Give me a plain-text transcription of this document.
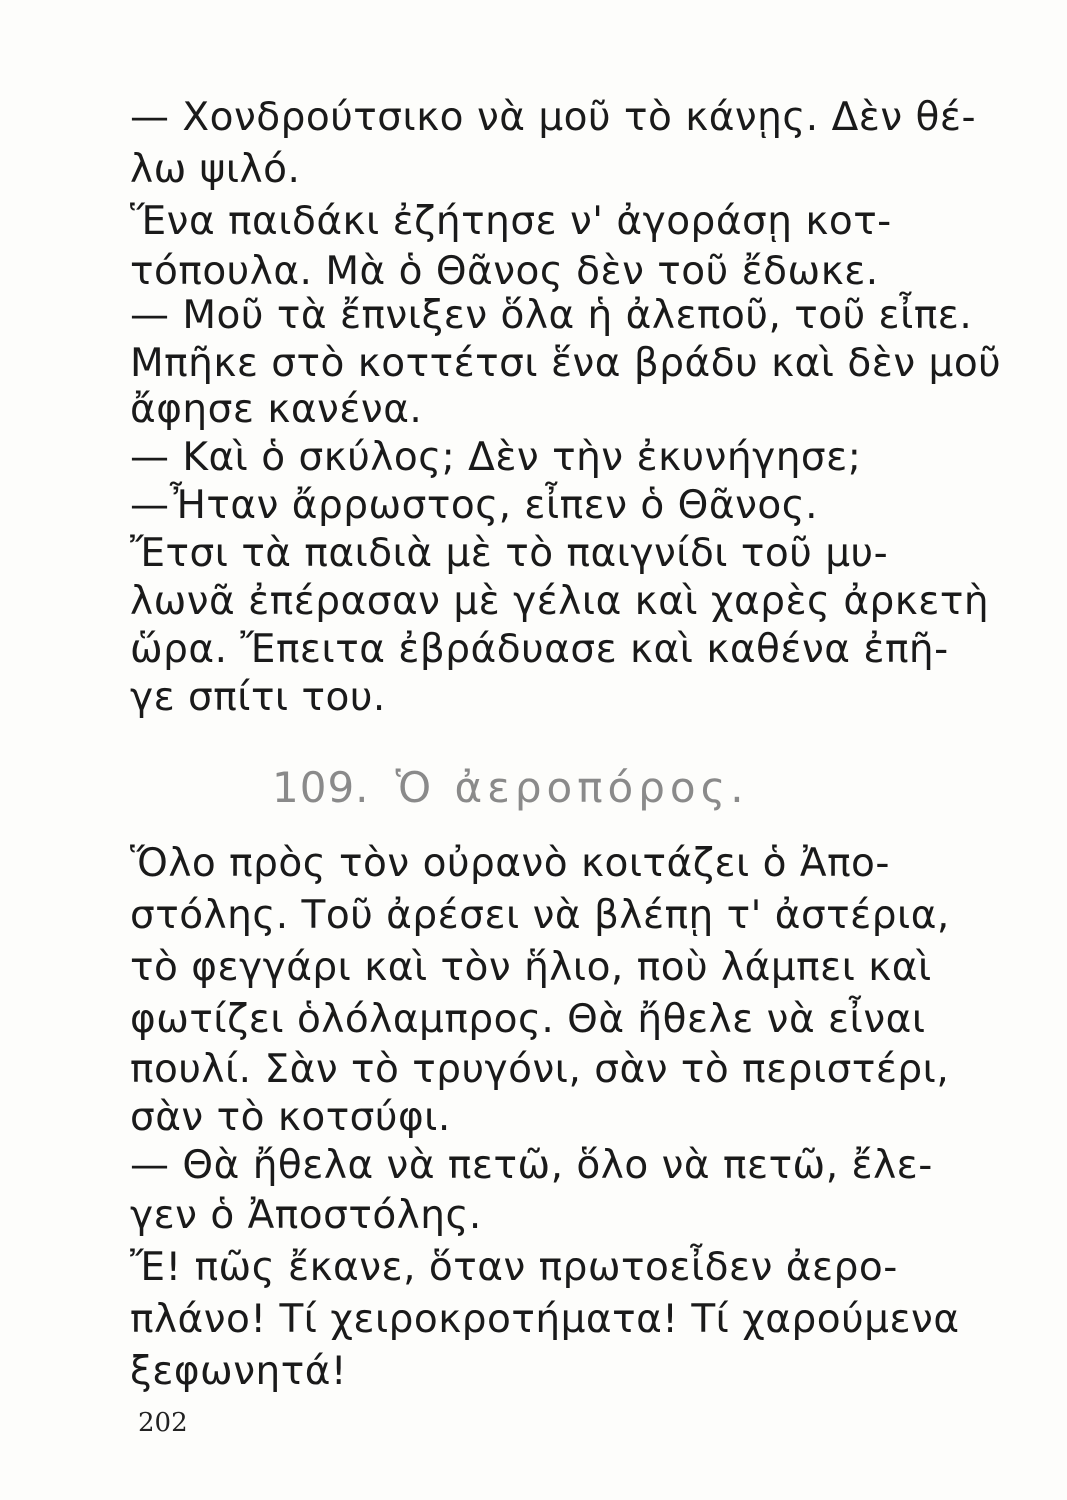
— Χονδρούτσικο νὰ μοῦ τὸ κάνῃς. Δὲν θέ-
λω ψιλό.
Ἕνα παιδάκι ἐζήτησε ν' ἀγοράσῃ κοτ-
τόπουλα. Μὰ ὁ Θᾶνος δὲν τοῦ ἔδωκε.
— Μοῦ τὰ ἔπνιξεν ὅλα ἡ ἀλεποῦ, τοῦ εἶπε.
Μπῆκε στὸ κοττέτσι ἕνα βράδυ καὶ δὲν μοῦ
ἄφησε κανένα.
— Καὶ ὁ σκύλος; Δὲν τὴν ἐκυνήγησε;
—Ἦταν ἄρρωστος, εἶπεν ὁ Θᾶνος.
Ἔτσι τὰ παιδιὰ μὲ τὸ παιγνίδι τοῦ μυ-
λωνᾶ ἐπέρασαν μὲ γέλια καὶ χαρὲς ἀρκετὴ
ὥρα. Ἔπειτα ἐβράδυασε καὶ καθένα ἐπῆ-
γε σπίτι του.
109. Ὁ ἀεροπόρος.
Ὅλο πρὸς τὸν οὐρανὸ κοιτάζει ὁ Ἀπο-
στόλης. Τοῦ ἀρέσει νὰ βλέπῃ τ' ἀστέρια,
τὸ φεγγάρι καὶ τὸν ἥλιο, ποὺ λάμπει καὶ
φωτίζει ὁλόλαμπρος. Θὰ ἤθελε νὰ εἶναι
πουλί. Σὰν τὸ τρυγόνι, σὰν τὸ περιστέρι,
σὰν τὸ κοτσύφι.
— Θὰ ἤθελα νὰ πετῶ, ὅλο νὰ πετῶ, ἔλε-
γεν ὁ Ἀποστόλης.
Ἔ! πῶς ἔκανε, ὅταν πρωτοεἶδεν ἀερο-
πλάνο! Τί χειροκροτήματα! Τί χαρούμενα
ξεφωνητά!
202
